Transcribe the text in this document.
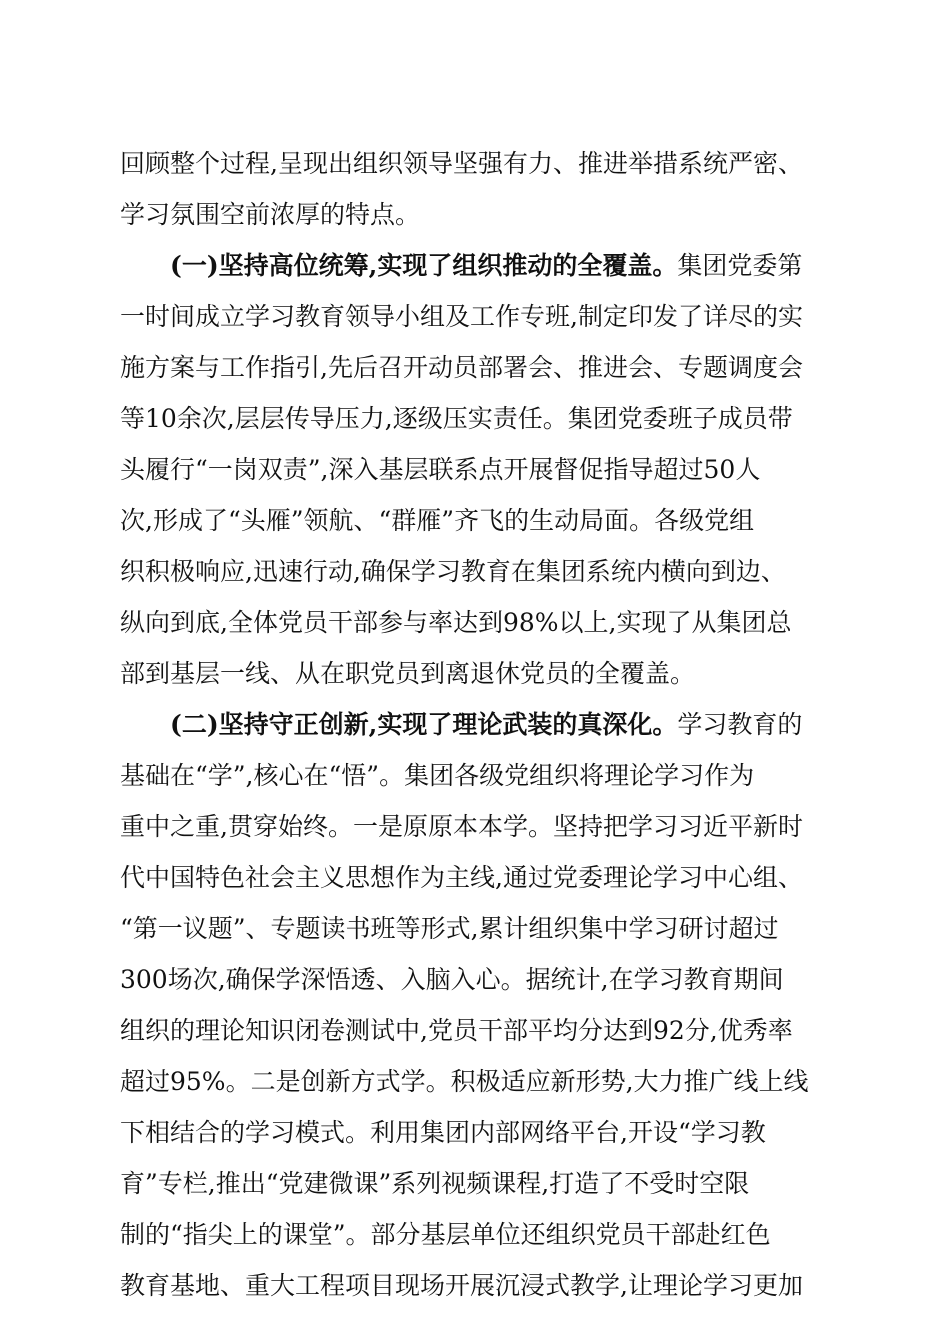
回顾整个过程,呈现出组织领导坚强有力、推进举措系统严密、
学习氛围空前浓厚的特点。
(一)坚持高位统筹,实现了组织推动的全覆盖。集团党委第
一时间成立学习教育领导小组及工作专班,制定印发了详尽的实
施方案与工作指引,先后召开动员部署会、推进会、专题调度会
等10余次,层层传导压力,逐级压实责任。集团党委班子成员带
头履行“一岗双责”,深入基层联系点开展督促指导超过50人
次,形成了“头雁”领航、“群雁”齐飞的生动局面。各级党组
织积极响应,迅速行动,确保学习教育在集团系统内横向到边、
纵向到底,全体党员干部参与率达到98%以上,实现了从集团总
部到基层一线、从在职党员到离退休党员的全覆盖。
(二)坚持守正创新,实现了理论武装的真深化。学习教育的
基础在“学”,核心在“悟”。集团各级党组织将理论学习作为
重中之重,贯穿始终。一是原原本本学。坚持把学习习近平新时
代中国特色社会主义思想作为主线,通过党委理论学习中心组、
“第一议题”、专题读书班等形式,累计组织集中学习研讨超过
300场次,确保学深悟透、入脑入心。据统计,在学习教育期间
组织的理论知识闭卷测试中,党员干部平均分达到92分,优秀率
超过95%。二是创新方式学。积极适应新形势,大力推广线上线
下相结合的学习模式。利用集团内部网络平台,开设“学习教
育”专栏,推出“党建微课”系列视频课程,打造了不受时空限
制的“指尖上的课堂”。部分基层单位还组织党员干部赴红色
教育基地、重大工程项目现场开展沉浸式教学,让理论学习更加
